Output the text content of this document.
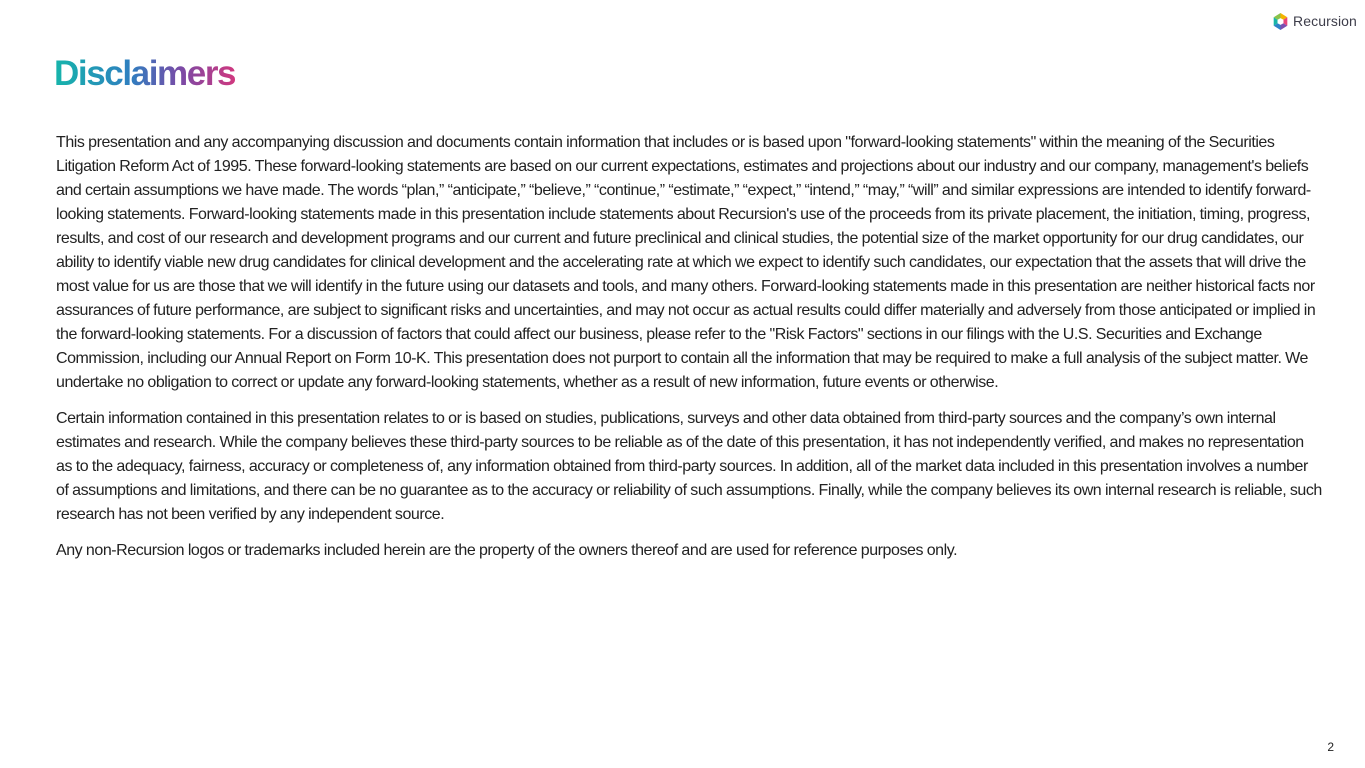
Recursion
Disclaimers

This presentation and any accompanying discussion and documents contain information that includes or is based upon "forward-looking statements" within the meaning of the Securities Litigation Reform Act of 1995. These forward-looking statements are based on our current expectations, estimates and projections about our industry and our company, management's beliefs and certain assumptions we have made. The words “plan,” “anticipate,” “believe,” “continue,” “estimate,” “expect,” “intend,” “may,” “will” and similar expressions are intended to identify forward-looking statements. Forward-looking statements made in this presentation include statements about Recursion's use of the proceeds from its private placement, the initiation, timing, progress, results, and cost of our research and development programs and our current and future preclinical and clinical studies, the potential size of the market opportunity for our drug candidates, our ability to identify viable new drug candidates for clinical development and the accelerating rate at which we expect to identify such candidates, our expectation that the assets that will drive the most value for us are those that we will identify in the future using our datasets and tools, and many others. Forward-looking statements made in this presentation are neither historical facts nor assurances of future performance, are subject to significant risks and uncertainties, and may not occur as actual results could differ materially and adversely from those anticipated or implied in the forward-looking statements. For a discussion of factors that could affect our business, please refer to the "Risk Factors" sections in our filings with the U.S. Securities and Exchange Commission, including our Annual Report on Form 10-K. This presentation does not purport to contain all the information that may be required to make a full analysis of the subject matter. We undertake no obligation to correct or update any forward-looking statements, whether as a result of new information, future events or otherwise.

Certain information contained in this presentation relates to or is based on studies, publications, surveys and other data obtained from third-party sources and the company’s own internal estimates and research. While the company believes these third-party sources to be reliable as of the date of this presentation, it has not independently verified, and makes no representation as to the adequacy, fairness, accuracy or completeness of, any information obtained from third-party sources. In addition, all of the market data included in this presentation involves a number of assumptions and limitations, and there can be no guarantee as to the accuracy or reliability of such assumptions. Finally, while the company believes its own internal research is reliable, such research has not been verified by any independent source.

Any non-Recursion logos or trademarks included herein are the property of the owners thereof and are used for reference purposes only.

2
